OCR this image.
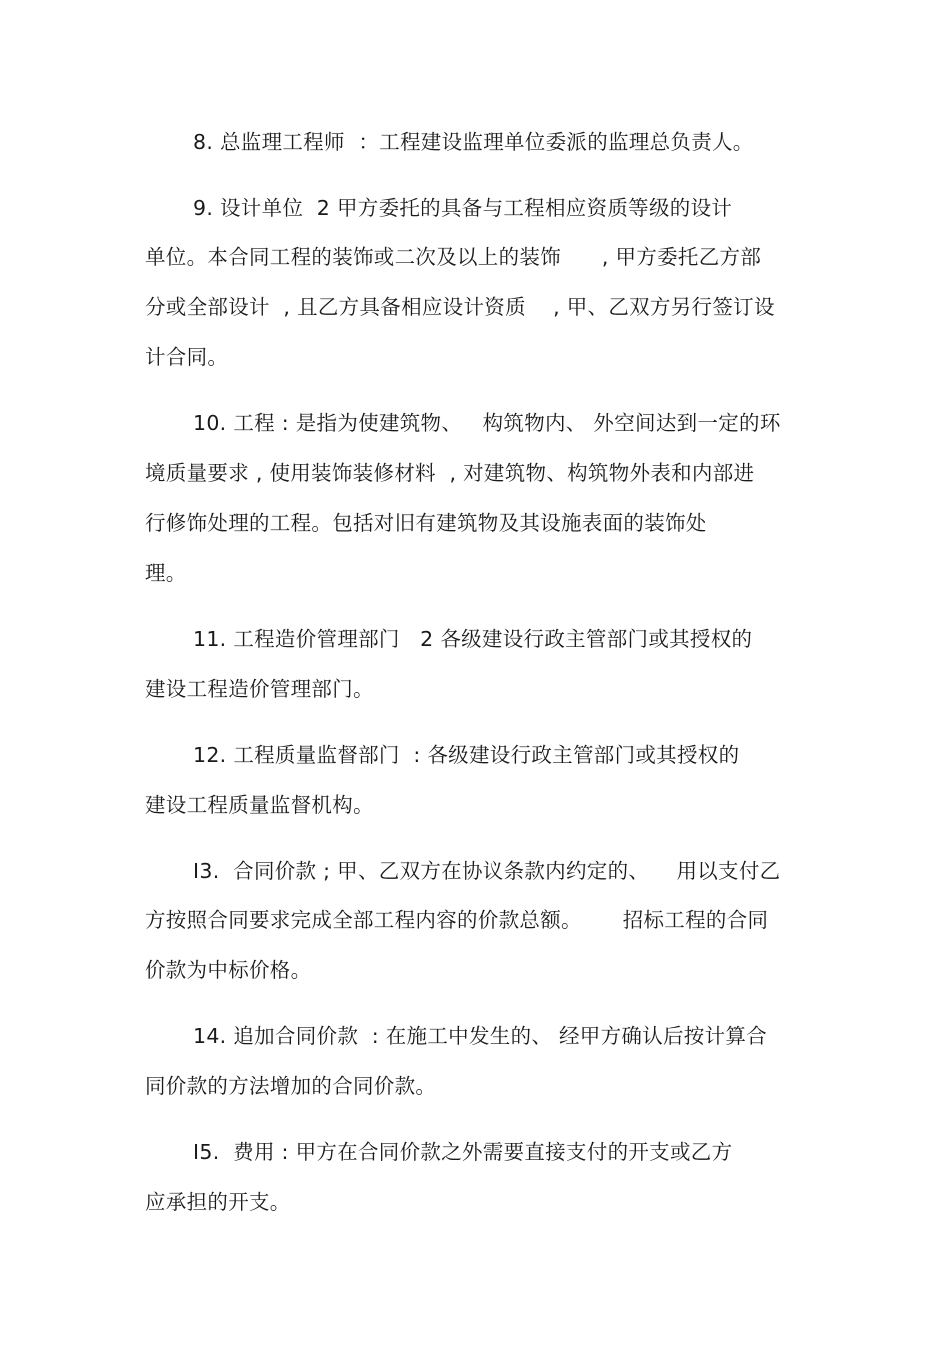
8. 总监理工程师  ：工程建设监理单位委派的监理总负责人。
9. 设计单位  2 甲方委托的具备与工程相应资质等级的设计
单位。本合同工程的装饰或二次及以上的装饰      , 甲方委托乙方部
分或全部设计  , 且乙方具备相应设计资质    , 甲、乙双方另行签订设
计合同。
10. 工程 : 是指为使建筑物、   构筑物内、 外空间达到一定的环
境质量要求 , 使用装饰装修材料  , 对建筑物、构筑物外表和内部进
行修饰处理的工程。包括对旧有建筑物及其设施表面的装饰处
理。
11. 工程造价管理部门   2 各级建设行政主管部门或其授权的
建设工程造价管理部门。
12. 工程质量监督部门  : 各级建设行政主管部门或其授权的
建设工程质量监督机构。
I3.  合同价款 ; 甲、乙双方在协议条款内约定的、    用以支付乙
方按照合同要求完成全部工程内容的价款总额。      招标工程的合同
价款为中标价格。
14. 追加合同价款  : 在施工中发生的、 经甲方确认后按计算合
同价款的方法增加的合同价款。
I5.  费用 : 甲方在合同价款之外需要直接支付的开支或乙方
应承担的开支。
